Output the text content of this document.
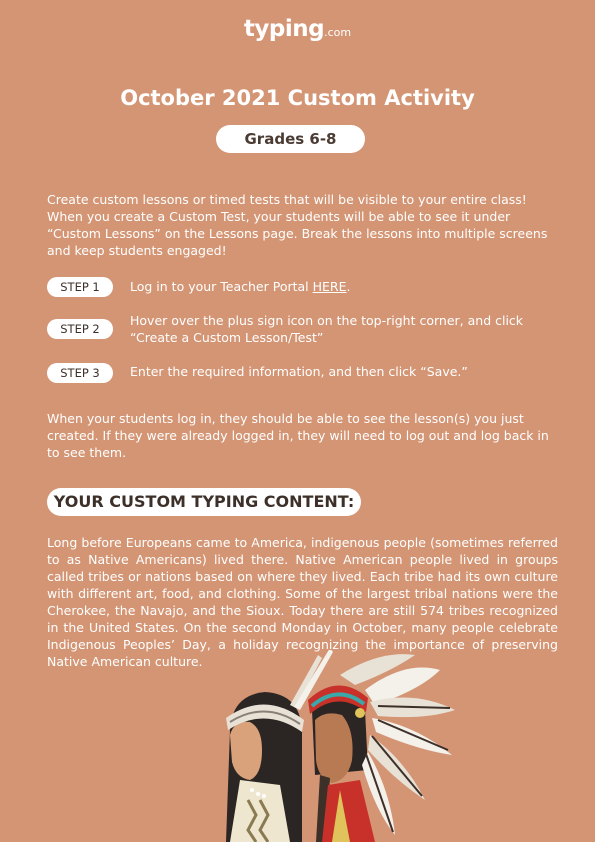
typing.com
October 2021 Custom Activity
Grades 6-8
Create custom lessons or timed tests that will be visible to your entire class! When you create a Custom Test, your students will be able to see it under “Custom Lessons” on the Lessons page. Break the lessons into multiple screens and keep students engaged!
STEP 1	Log in to your Teacher Portal HERE.
STEP 2
Hover over the plus sign icon on the top-right corner, and click “Create a Custom Lesson/Test”
STEP 3	Enter the required information, and then click “Save.”
When your students log in, they should be able to see the lesson(s) you just created. If they were already logged in, they will need to log out and log back in to see them.
YOUR CUSTOM TYPING CONTENT:
Long before Europeans came to America, indigenous people (sometimes referred to as Native Americans) lived there. Native American people lived in groups called tribes or nations based on where they lived. Each tribe had its own culture with different art, food, and clothing. Some of the largest tribal nations were the Cherokee, the Navajo, and the Sioux. Today there are still 574 tribes recognized in the United States. On the second Monday in October, many people celebrate Indigenous Peoples’ Day, a holiday recognizing the importance of preserving Native American culture.
